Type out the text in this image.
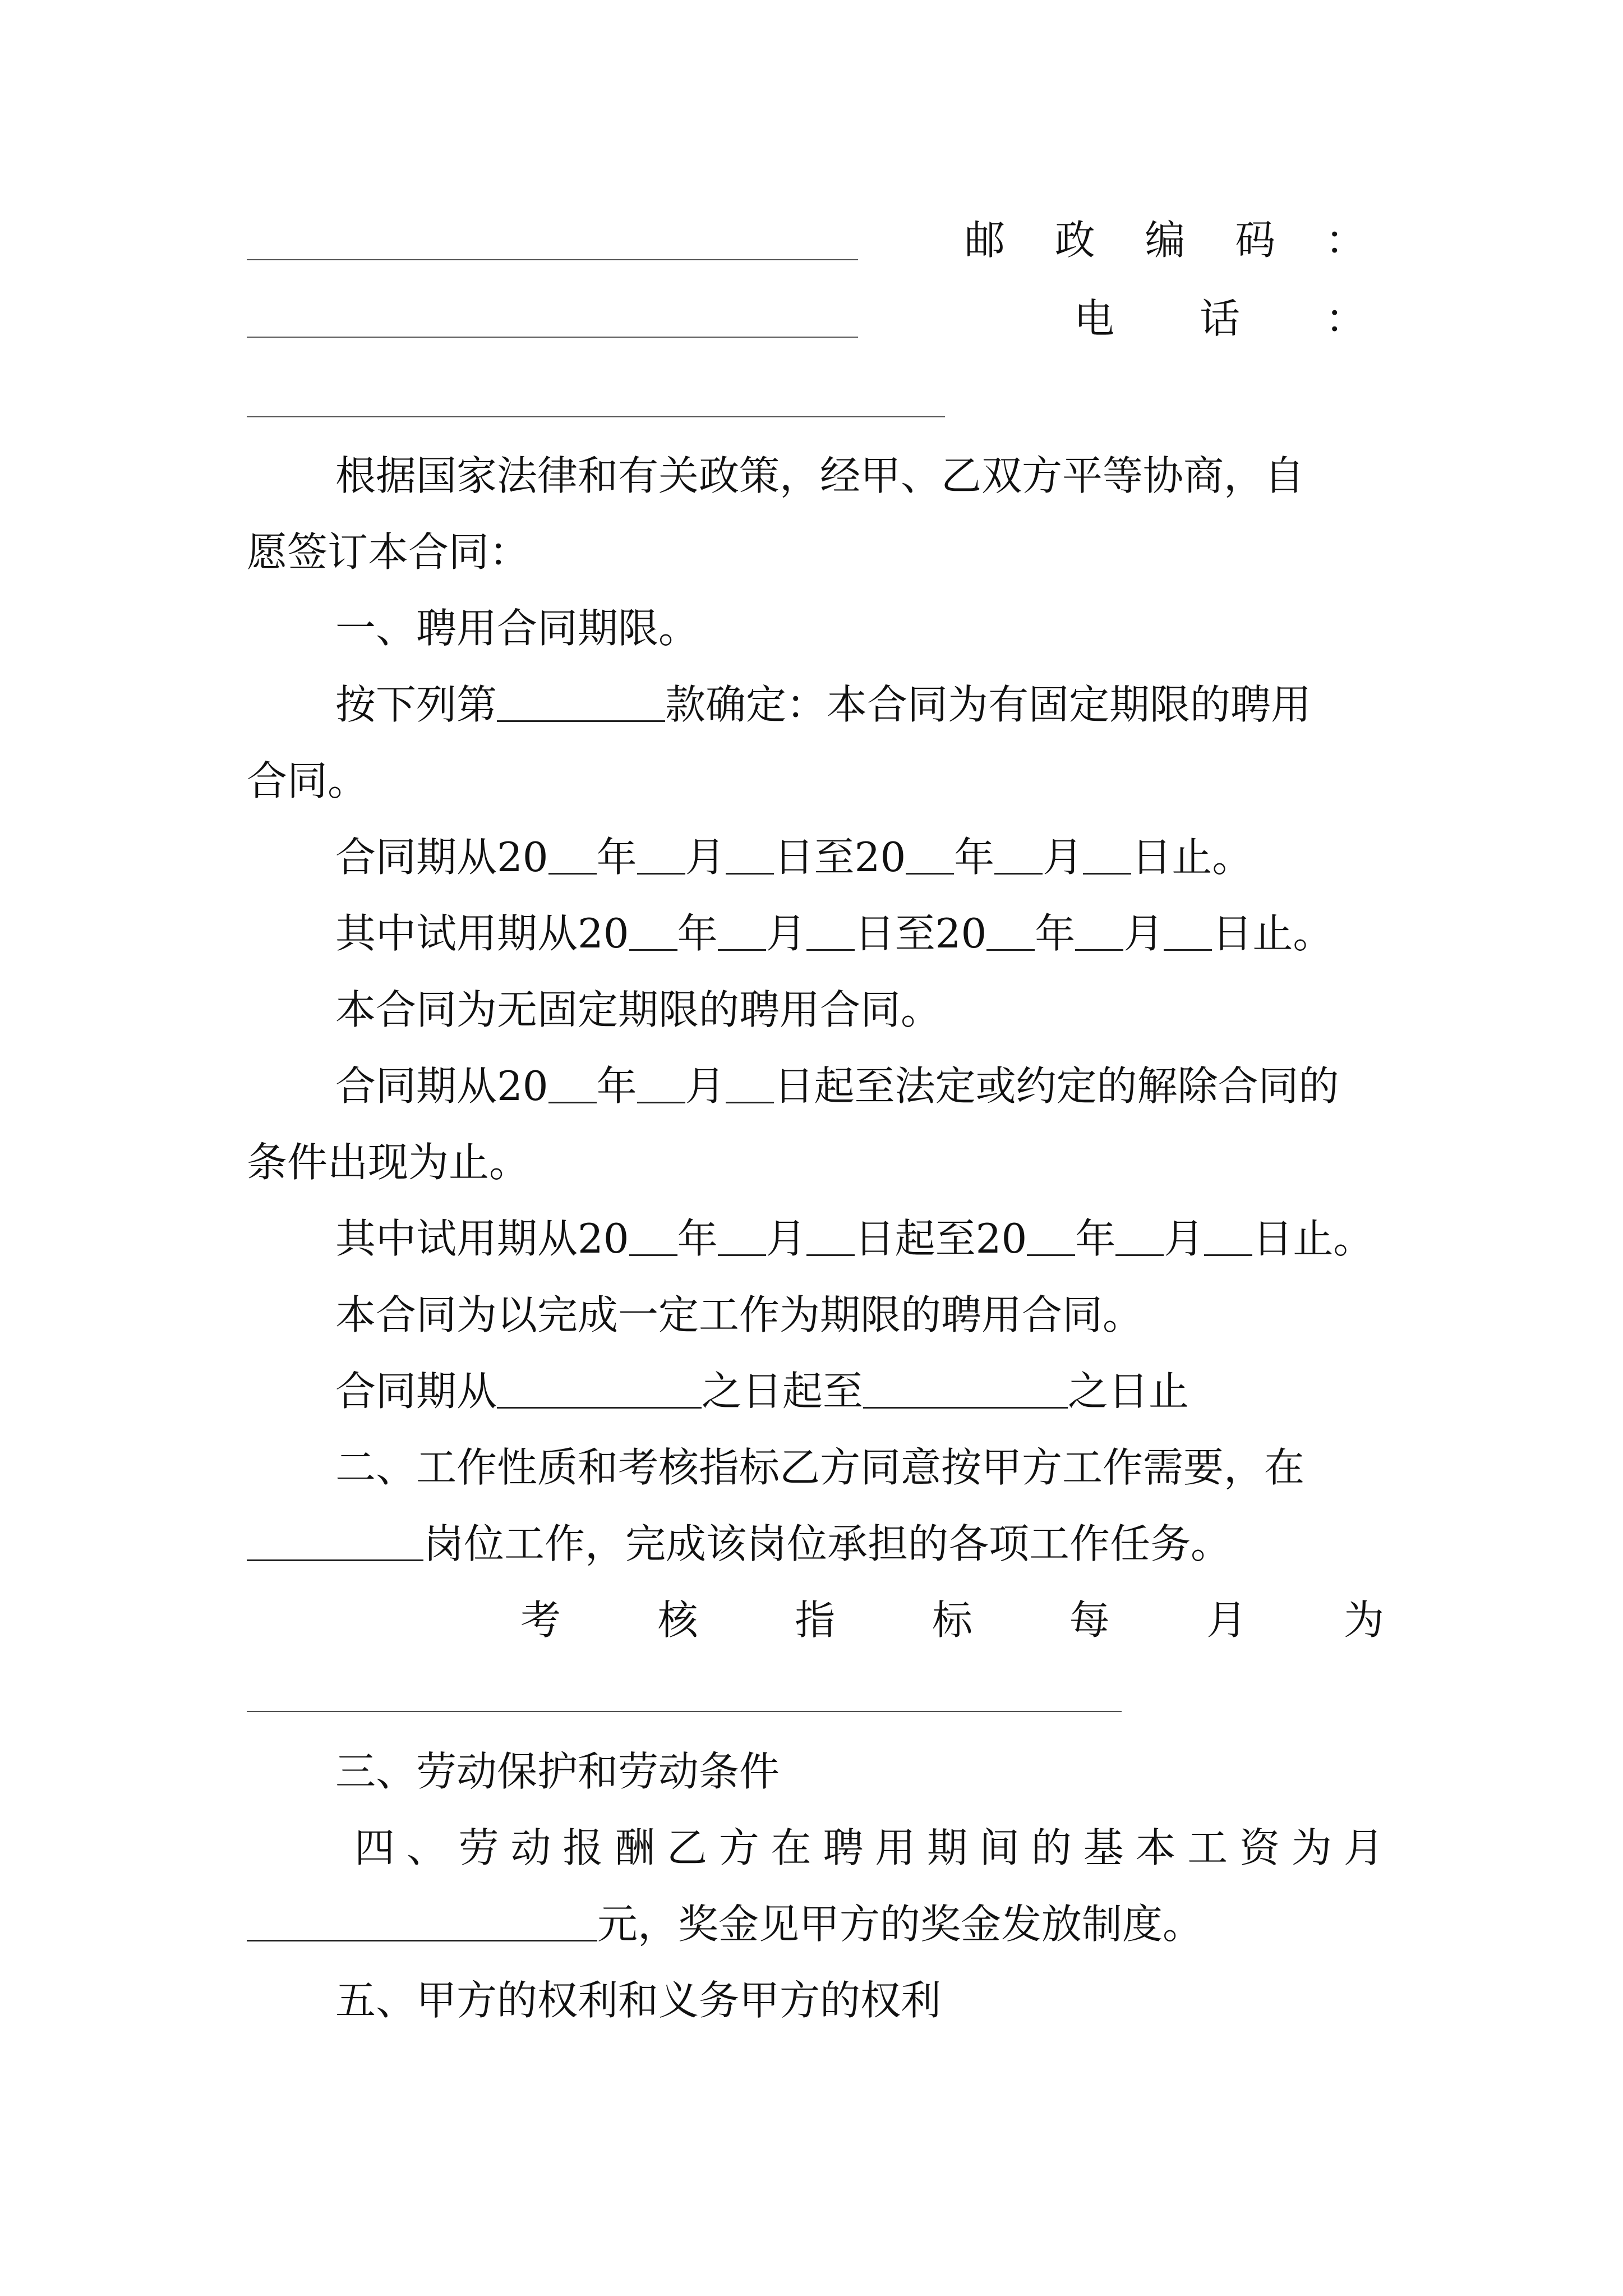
邮 政 编 码 ：
电 话 ：
根据国家法律和有关政策，经甲、乙双方平等协商，自
愿签订本合同：
一、聘用合同期限。
按下列第	款确定：本合同为有固定期限的聘用
合同。
合同期从20 年 月 日至20 年 月 日止。
其中试用期从20 年 月 日至20 年 月 日止。
本合同为无固定期限的聘用合同。
合同期从20 年 月 日起至法定或约定的解除合同的
条件出现为止。
其中试用期从20 年 月 日起至20 年 月 日止。
本合同为以完成一定工作为期限的聘用合同。
合同期从	之日起至	之日止
二、工作性质和考核指标乙方同意按甲方工作需要，在
岗位工作，完成该岗位承担的各项工作任务。
考 核 指 标 每 月 为
三、劳动保护和劳动条件
四 、 劳 动 报 酬 乙 方 在 聘 用 期 间 的 基 本 工 资 为 月
元，奖金见甲方的奖金发放制度。
五、甲方的权利和义务甲方的权利
